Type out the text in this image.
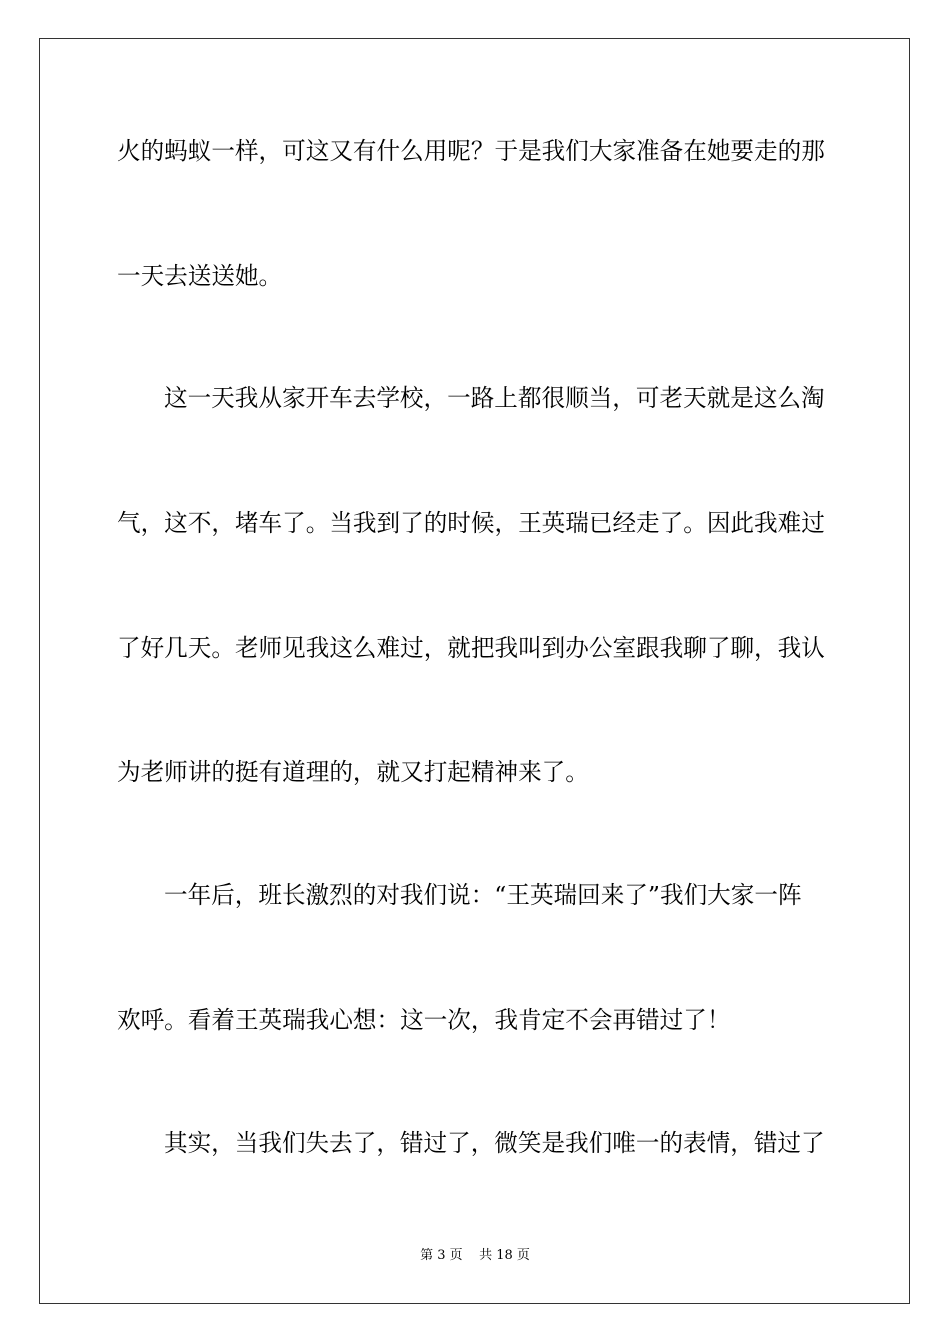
火的蚂蚁一样，可这又有什么用呢？于是我们大家准备在她要走的那
一天去送送她。
这一天我从家开车去学校，一路上都很顺当，可老天就是这么淘
气，这不，堵车了。当我到了的时候，王英瑞已经走了。因此我难过
了好几天。老师见我这么难过，就把我叫到办公室跟我聊了聊，我认
为老师讲的挺有道理的，就又打起精神来了。
一年后，班长激烈的对我们说：“王英瑞回来了”我们大家一阵
欢呼。看着王英瑞我心想：这一次，我肯定不会再错过了！
其实，当我们失去了，错过了，微笑是我们唯一的表情，错过了
第 3 页    共 18 页
